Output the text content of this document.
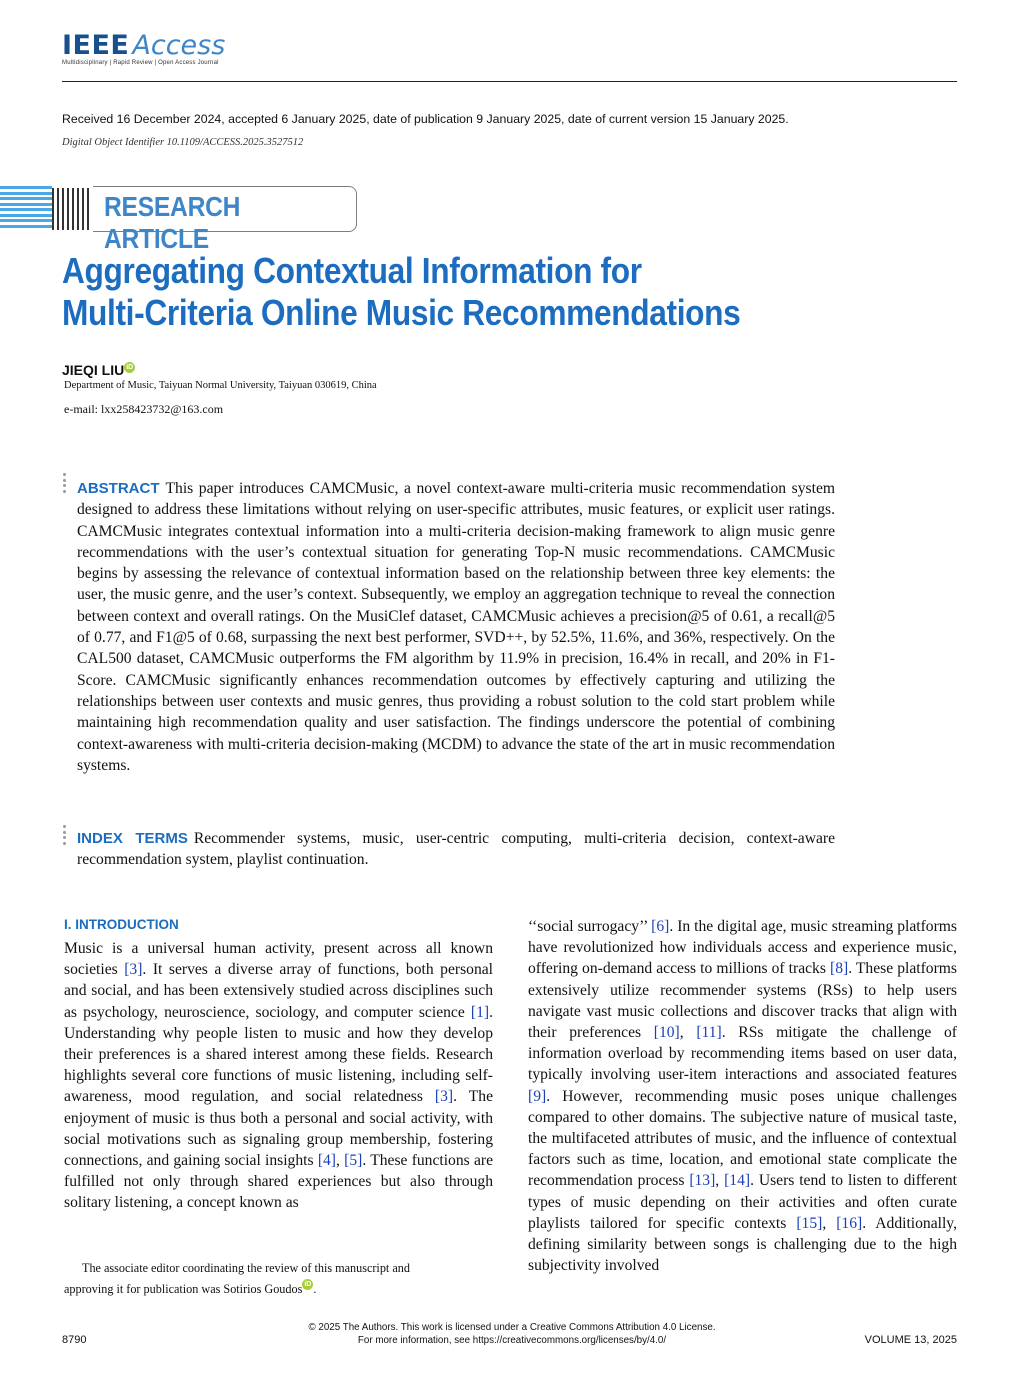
IEEE Access
Multidisciplinary | Rapid Review | Open Access Journal
Received 16 December 2024, accepted 6 January 2025, date of publication 9 January 2025, date of current version 15 January 2025.
Digital Object Identifier 10.1109/ACCESS.2025.3527512
RESEARCH ARTICLE
Aggregating Contextual Information for
Multi-Criteria Online Music Recommendations
JIEQI LIU iD
Department of Music, Taiyuan Normal University, Taiyuan 030619, China
e-mail: lxx258423732@163.com
ABSTRACT This paper introduces CAMCMusic, a novel context-aware multi-criteria music recommendation system designed to address these limitations without relying on user-specific attributes, music features, or explicit user ratings. CAMCMusic integrates contextual information into a multi-criteria decision-making framework to align music genre recommendations with the user’s contextual situation for generating Top-N music recommendations. CAMCMusic begins by assessing the relevance of contextual information based on the relationship between three key elements: the user, the music genre, and the user’s context. Subsequently, we employ an aggregation technique to reveal the connection between context and overall ratings. On the MusiClef dataset, CAMCMusic achieves a precision@5 of 0.61, a recall@5 of 0.77, and F1@5 of 0.68, surpassing the next best performer, SVD++, by 52.5%, 11.6%, and 36%, respectively. On the CAL500 dataset, CAMCMusic outperforms the FM algorithm by 11.9% in precision, 16.4% in recall, and 20% in F1-Score. CAMCMusic significantly enhances recommendation outcomes by effectively capturing and utilizing the relationships between user contexts and music genres, thus providing a robust solution to the cold start problem while maintaining high recommendation quality and user satisfaction. The findings underscore the potential of combining context-awareness with multi-criteria decision-making (MCDM) to advance the state of the art in music recommendation systems.
INDEX TERMS Recommender systems, music, user-centric computing, multi-criteria decision, context-aware recommendation system, playlist continuation.
I. INTRODUCTION
Music is a universal human activity, present across all known societies [3]. It serves a diverse array of functions, both personal and social, and has been extensively studied across disciplines such as psychology, neuroscience, sociology, and computer science [1]. Understanding why people listen to music and how they develop their preferences is a shared interest among these fields. Research highlights several core functions of music listening, including self-awareness, mood regulation, and social relatedness [3]. The enjoyment of music is thus both a personal and social activity, with social motivations such as signaling group membership, fostering connections, and gaining social insights [4], [5]. These functions are fulfilled not only through shared experiences but also through solitary listening, a concept known as
‘‘social surrogacy’’ [6]. In the digital age, music streaming platforms have revolutionized how individuals access and experience music, offering on-demand access to millions of tracks [8]. These platforms extensively utilize recommender systems (RSs) to help users navigate vast music collections and discover tracks that align with their preferences [10], [11]. RSs mitigate the challenge of information overload by recommending items based on user data, typically involving user-item interactions and associated features [9]. However, recommending music poses unique challenges compared to other domains. The subjective nature of musical taste, the multifaceted attributes of music, and the influence of contextual factors such as time, location, and emotional state complicate the recommendation process [13], [14]. Users tend to listen to different types of music depending on their activities and often curate playlists tailored for specific contexts [15], [16]. Additionally, defining similarity between songs is challenging due to the high subjectivity involved
The associate editor coordinating the review of this manuscript and
approving it for publication was Sotirios Goudos iD .
© 2025 The Authors. This work is licensed under a Creative Commons Attribution 4.0 License.
For more information, see https://creativecommons.org/licenses/by/4.0/
8790	VOLUME 13, 2025
